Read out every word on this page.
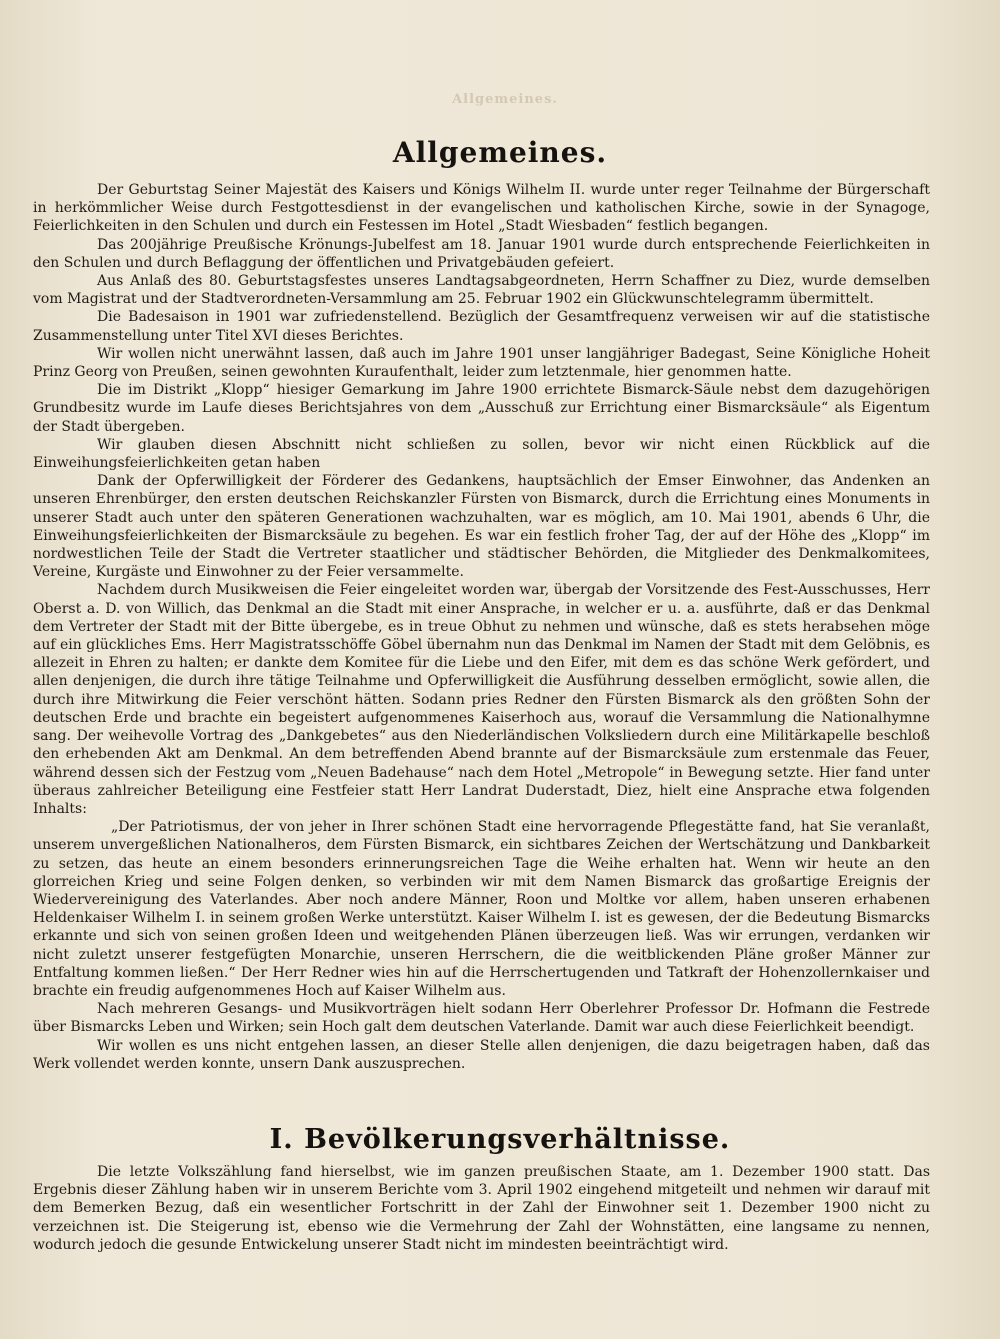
Allgemeines.
Allgemeines.

Der Geburtstag Seiner Majestät des Kaisers und Königs Wilhelm II. wurde unter reger Teilnahme der Bürgerschaft in herkömmlicher Weise durch Festgottesdienst in der evangelischen und katholischen Kirche, sowie in der Synagoge, Feierlichkeiten in den Schulen und durch ein Festessen im Hotel „Stadt Wiesbaden“ festlich begangen.

Das 200jährige Preußische Krönungs-Jubelfest am 18. Januar 1901 wurde durch entsprechende Feierlichkeiten in den Schulen und durch Beflaggung der öffentlichen und Privatgebäuden gefeiert.

Aus Anlaß des 80. Geburtstagsfestes unseres Landtagsabgeordneten, Herrn Schaffner zu Diez, wurde demselben vom Magistrat und der Stadtverordneten-Versammlung am 25. Februar 1902 ein Glückwunschtelegramm übermittelt.

Die Badesaison in 1901 war zufriedenstellend. Bezüglich der Gesamtfrequenz verweisen wir auf die statistische Zusammenstellung unter Titel XVI dieses Berichtes.

Wir wollen nicht unerwähnt lassen, daß auch im Jahre 1901 unser langjähriger Badegast, Seine Königliche Hoheit Prinz Georg von Preußen, seinen gewohnten Kuraufenthalt, leider zum letztenmale, hier genommen hatte.

Die im Distrikt „Klopp“ hiesiger Gemarkung im Jahre 1900 errichtete Bismarck-Säule nebst dem dazugehörigen Grundbesitz wurde im Laufe dieses Berichtsjahres von dem „Ausschuß zur Errichtung einer Bismarcksäule“ als Eigentum der Stadt übergeben.

Wir glauben diesen Abschnitt nicht schließen zu sollen, bevor wir nicht einen Rückblick auf die Einweihungsfeierlichkeiten getan haben

Dank der Opferwilligkeit der Förderer des Gedankens, hauptsächlich der Emser Einwohner, das Andenken an unseren Ehrenbürger, den ersten deutschen Reichskanzler Fürsten von Bismarck, durch die Errichtung eines Monuments in unserer Stadt auch unter den späteren Generationen wachzuhalten, war es möglich, am 10. Mai 1901, abends 6 Uhr, die Einweihungsfeierlichkeiten der Bismarcksäule zu begehen. Es war ein festlich froher Tag, der auf der Höhe des „Klopp“ im nordwestlichen Teile der Stadt die Vertreter staatlicher und städtischer Behörden, die Mitglieder des Denkmalkomitees, Vereine, Kurgäste und Einwohner zu der Feier versammelte.

Nachdem durch Musikweisen die Feier eingeleitet worden war, übergab der Vorsitzende des Fest-Ausschusses, Herr Oberst a. D. von Willich, das Denkmal an die Stadt mit einer Ansprache, in welcher er u. a. ausführte, daß er das Denkmal dem Vertreter der Stadt mit der Bitte übergebe, es in treue Obhut zu nehmen und wünsche, daß es stets herabsehen möge auf ein glückliches Ems. Herr Magistratsschöffe Göbel übernahm nun das Denkmal im Namen der Stadt mit dem Gelöbnis, es allezeit in Ehren zu halten; er dankte dem Komitee für die Liebe und den Eifer, mit dem es das schöne Werk gefördert, und allen denjenigen, die durch ihre tätige Teilnahme und Opferwilligkeit die Ausführung desselben ermöglicht, sowie allen, die durch ihre Mitwirkung die Feier verschönt hätten. Sodann pries Redner den Fürsten Bismarck als den größten Sohn der deutschen Erde und brachte ein begeistert aufgenommenes Kaiserhoch aus, worauf die Versammlung die Nationalhymne sang. Der weihevolle Vortrag des „Dankgebetes“ aus den Niederländischen Volksliedern durch eine Militärkapelle beschloß den erhebenden Akt am Denkmal. An dem betreffenden Abend brannte auf der Bismarcksäule zum erstenmale das Feuer, während dessen sich der Festzug vom „Neuen Badehause“ nach dem Hotel „Metropole“ in Bewegung setzte. Hier fand unter überaus zahlreicher Beteiligung eine Festfeier statt Herr Landrat Duderstadt, Diez, hielt eine Ansprache etwa folgenden Inhalts:

„Der Patriotismus, der von jeher in Ihrer schönen Stadt eine hervorragende Pflegestätte fand, hat Sie veranlaßt, unserem unvergeßlichen Nationalheros, dem Fürsten Bismarck, ein sichtbares Zeichen der Wertschätzung und Dankbarkeit zu setzen, das heute an einem besonders erinnerungsreichen Tage die Weihe erhalten hat. Wenn wir heute an den glorreichen Krieg und seine Folgen denken, so verbinden wir mit dem Namen Bismarck das großartige Ereignis der Wiedervereinigung des Vaterlandes. Aber noch andere Männer, Roon und Moltke vor allem, haben unseren erhabenen Heldenkaiser Wilhelm I. in seinem großen Werke unterstützt. Kaiser Wilhelm I. ist es gewesen, der die Bedeutung Bismarcks erkannte und sich von seinen großen Ideen und weitgehenden Plänen überzeugen ließ. Was wir errungen, verdanken wir nicht zuletzt unserer festgefügten Monarchie, unseren Herrschern, die die weitblickenden Pläne großer Männer zur Entfaltung kommen ließen.“ Der Herr Redner wies hin auf die Herrschertugenden und Tatkraft der Hohenzollernkaiser und brachte ein freudig aufgenommenes Hoch auf Kaiser Wilhelm aus.

Nach mehreren Gesangs- und Musikvorträgen hielt sodann Herr Oberlehrer Professor Dr. Hofmann die Festrede über Bismarcks Leben und Wirken; sein Hoch galt dem deutschen Vaterlande. Damit war auch diese Feierlichkeit beendigt.

Wir wollen es uns nicht entgehen lassen, an dieser Stelle allen denjenigen, die dazu beigetragen haben, daß das Werk vollendet werden konnte, unsern Dank auszusprechen.

I. Bevölkerungsverhältnisse.

Die letzte Volkszählung fand hierselbst, wie im ganzen preußischen Staate, am 1. Dezember 1900 statt. Das Ergebnis dieser Zählung haben wir in unserem Berichte vom 3. April 1902 eingehend mitgeteilt und nehmen wir darauf mit dem Bemerken Bezug, daß ein wesentlicher Fortschritt in der Zahl der Einwohner seit 1. Dezember 1900 nicht zu verzeichnen ist. Die Steigerung ist, ebenso wie die Vermehrung der Zahl der Wohnstätten, eine langsame zu nennen, wodurch jedoch die gesunde Entwickelung unserer Stadt nicht im mindesten beeinträchtigt wird.
